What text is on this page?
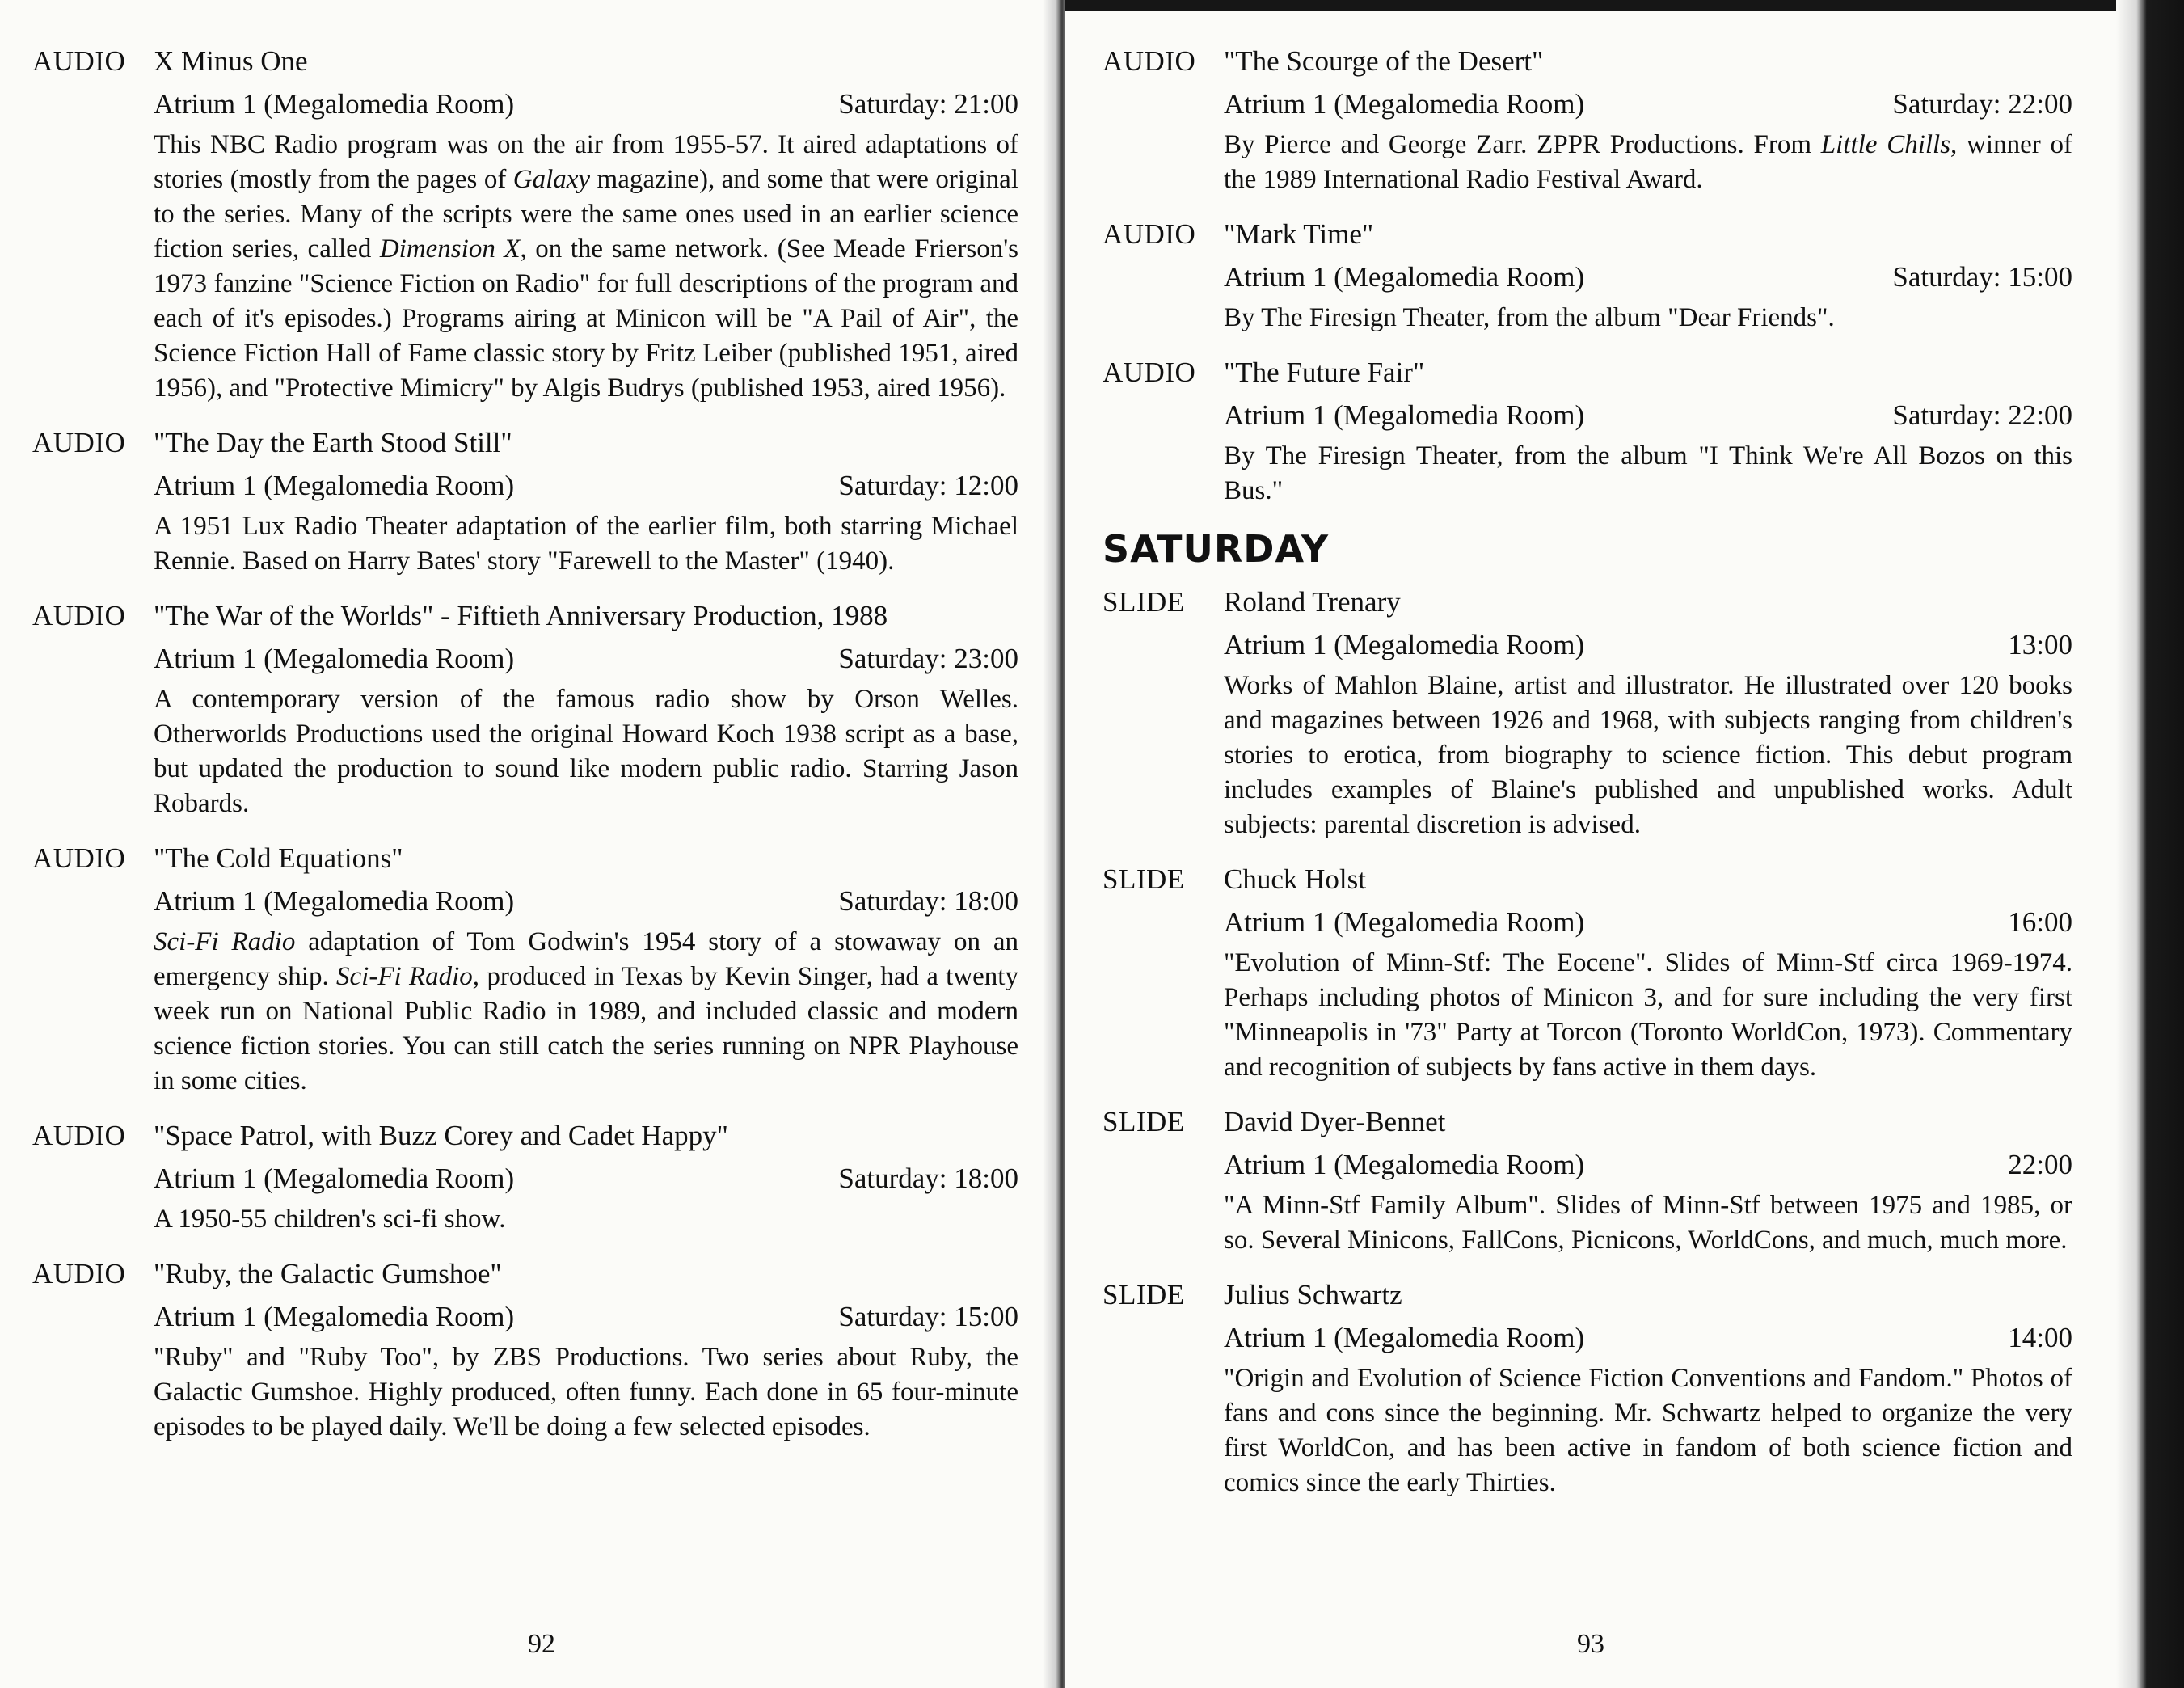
AUDIO X Minus One
Atrium 1 (Megalomedia Room)	Saturday: 21:00
This NBC Radio program was on the air from 1955-57. It aired adaptations of stories (mostly from the pages of Galaxy magazine), and some that were original to the series. Many of the scripts were the same ones used in an earlier science fiction series, called Dimension X, on the same network. (See Meade Frierson's 1973 fanzine "Science Fiction on Radio" for full descriptions of the program and each of it's episodes.) Programs airing at Minicon will be "A Pail of Air", the Science Fiction Hall of Fame classic story by Fritz Leiber (published 1951, aired 1956), and "Protective Mimicry" by Algis Budrys (published 1953, aired 1956).
AUDIO "The Day the Earth Stood Still"
Atrium 1 (Megalomedia Room)	Saturday: 12:00
A 1951 Lux Radio Theater adaptation of the earlier film, both starring Michael Rennie. Based on Harry Bates' story "Farewell to the Master" (1940).
AUDIO "The War of the Worlds" - Fiftieth Anniversary Production, 1988
Atrium 1 (Megalomedia Room)	Saturday: 23:00
A contemporary version of the famous radio show by Orson Welles. Otherworlds Productions used the original Howard Koch 1938 script as a base, but updated the production to sound like modern public radio. Starring Jason Robards.
AUDIO "The Cold Equations"
Atrium 1 (Megalomedia Room)	Saturday: 18:00
Sci-Fi Radio adaptation of Tom Godwin's 1954 story of a stowaway on an emergency ship. Sci-Fi Radio, produced in Texas by Kevin Singer, had a twenty week run on National Public Radio in 1989, and included classic and modern science fiction stories. You can still catch the series running on NPR Playhouse in some cities.
AUDIO "Space Patrol, with Buzz Corey and Cadet Happy"
Atrium 1 (Megalomedia Room)	Saturday: 18:00
A 1950-55 children's sci-fi show.
AUDIO "Ruby, the Galactic Gumshoe"
Atrium 1 (Megalomedia Room)	Saturday: 15:00
"Ruby" and "Ruby Too", by ZBS Productions. Two series about Ruby, the Galactic Gumshoe. Highly produced, often funny. Each done in 65 four-minute episodes to be played daily. We'll be doing a few selected episodes.
92
AUDIO "The Scourge of the Desert"
Atrium 1 (Megalomedia Room)	Saturday: 22:00
By Pierce and George Zarr. ZPPR Productions. From Little Chills, winner of the 1989 International Radio Festival Award.
AUDIO "Mark Time"
Atrium 1 (Megalomedia Room)	Saturday: 15:00
By The Firesign Theater, from the album "Dear Friends".
AUDIO "The Future Fair"
Atrium 1 (Megalomedia Room)	Saturday: 22:00
By The Firesign Theater, from the album "I Think We're All Bozos on this Bus."
SATURDAY
SLIDE	Roland Trenary
Atrium 1 (Megalomedia Room)	13:00
Works of Mahlon Blaine, artist and illustrator. He illustrated over 120 books and magazines between 1926 and 1968, with subjects ranging from children's stories to erotica, from biography to science fiction. This debut program includes examples of Blaine's published and unpublished works. Adult subjects: parental discretion is advised.
SLIDE	Chuck Holst
Atrium 1 (Megalomedia Room)	16:00
"Evolution of Minn-Stf: The Eocene". Slides of Minn-Stf circa 1969-1974. Perhaps including photos of Minicon 3, and for sure including the very first "Minneapolis in '73" Party at Torcon (Toronto WorldCon, 1973). Commentary and recognition of subjects by fans active in them days.
SLIDE	David Dyer-Bennet
Atrium 1 (Megalomedia Room)	22:00
"A Minn-Stf Family Album". Slides of Minn-Stf between 1975 and 1985, or so. Several Minicons, FallCons, Picnicons, WorldCons, and much, much more.
SLIDE	Julius Schwartz
Atrium 1 (Megalomedia Room)	14:00
"Origin and Evolution of Science Fiction Conventions and Fandom." Photos of fans and cons since the beginning. Mr. Schwartz helped to organize the very first WorldCon, and has been active in fandom of both science fiction and comics since the early Thirties.
93
